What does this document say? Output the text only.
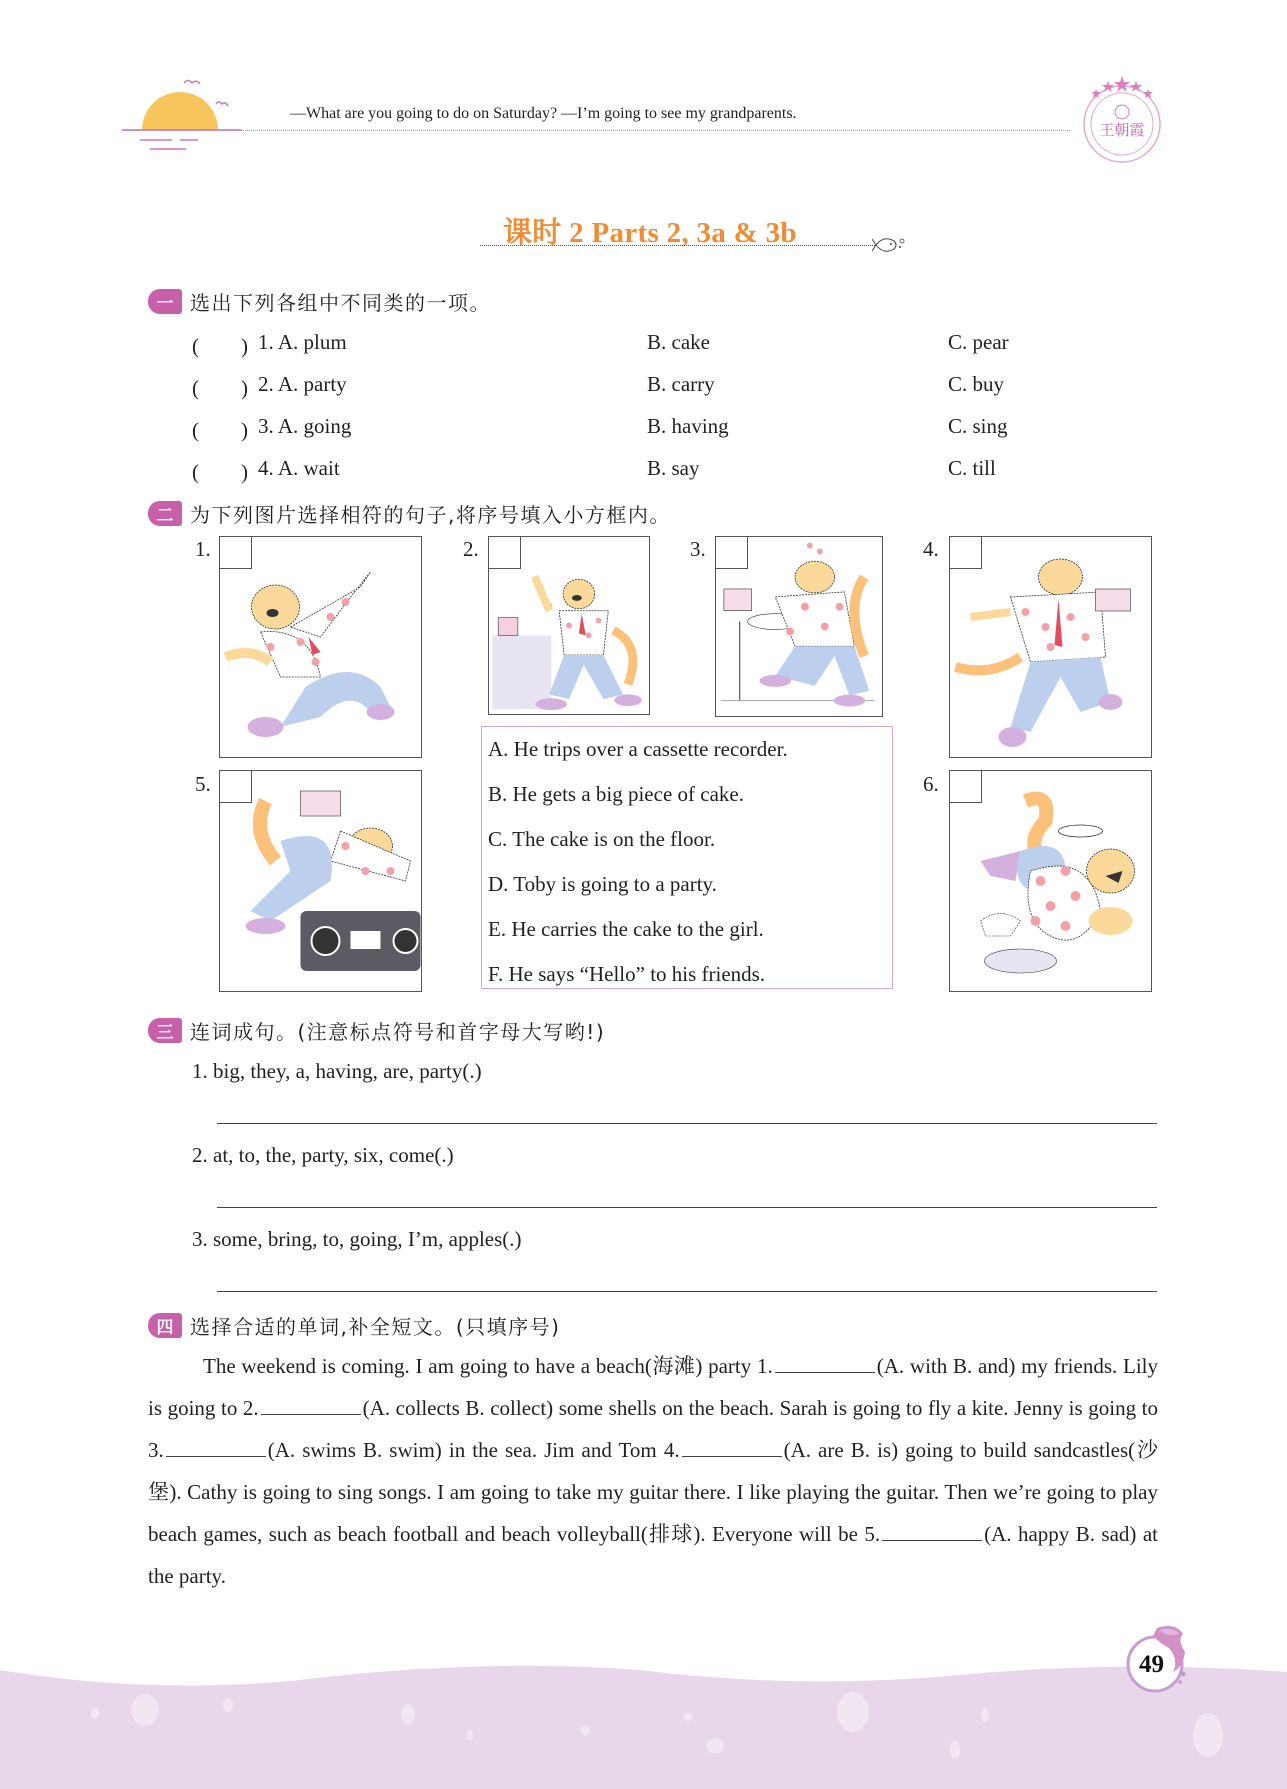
—What are you going to do on Saturday? —I’m going to see my grandparents.
王朝霞
课时 2 Parts 2, 3a & 3b
一 选出下列各组中不同类的一项。
(　　) 1. A. plum	B. cake	C. pear
(　　) 2. A. party	B. carry	C. buy
(　　) 3. A. going	B. having	C. sing
(　　) 4. A. wait	B. say	C. till
二 为下列图片选择相符的句子,将序号填入小方框内。
1.	2.	3.	4.
5.
A. He trips over a cassette recorder.
B. He gets a big piece of cake.
C. The cake is on the floor.
D. Toby is going to a party.
E. He carries the cake to the girl.
F. He says “Hello” to his friends.
6.
三 连词成句。(注意标点符号和首字母大写哟!)
1. big, they, a, having, are, party(.)
2. at, to, the, party, six, come(.)
3. some, bring, to, going, I’m, apples(.)
四 选择合适的单词,补全短文。(只填序号)
The weekend is coming. I am going to have a beach(海滩) party 1.	(A. with B. and) my friends. Lily is going to 2.	(A. collects B. collect) some shells on the beach. Sarah is going to fly a kite. Jenny is going to 3.	(A. swims B. swim) in the sea. Jim and Tom 4.	(A. are B. is) going to build sandcastles(沙堡). Cathy is going to sing songs. I am going to take my guitar there. I like playing the guitar. Then we’re going to play beach games, such as beach football and beach volleyball(排球). Everyone will be 5.	(A. happy B. sad) at the party.
49
